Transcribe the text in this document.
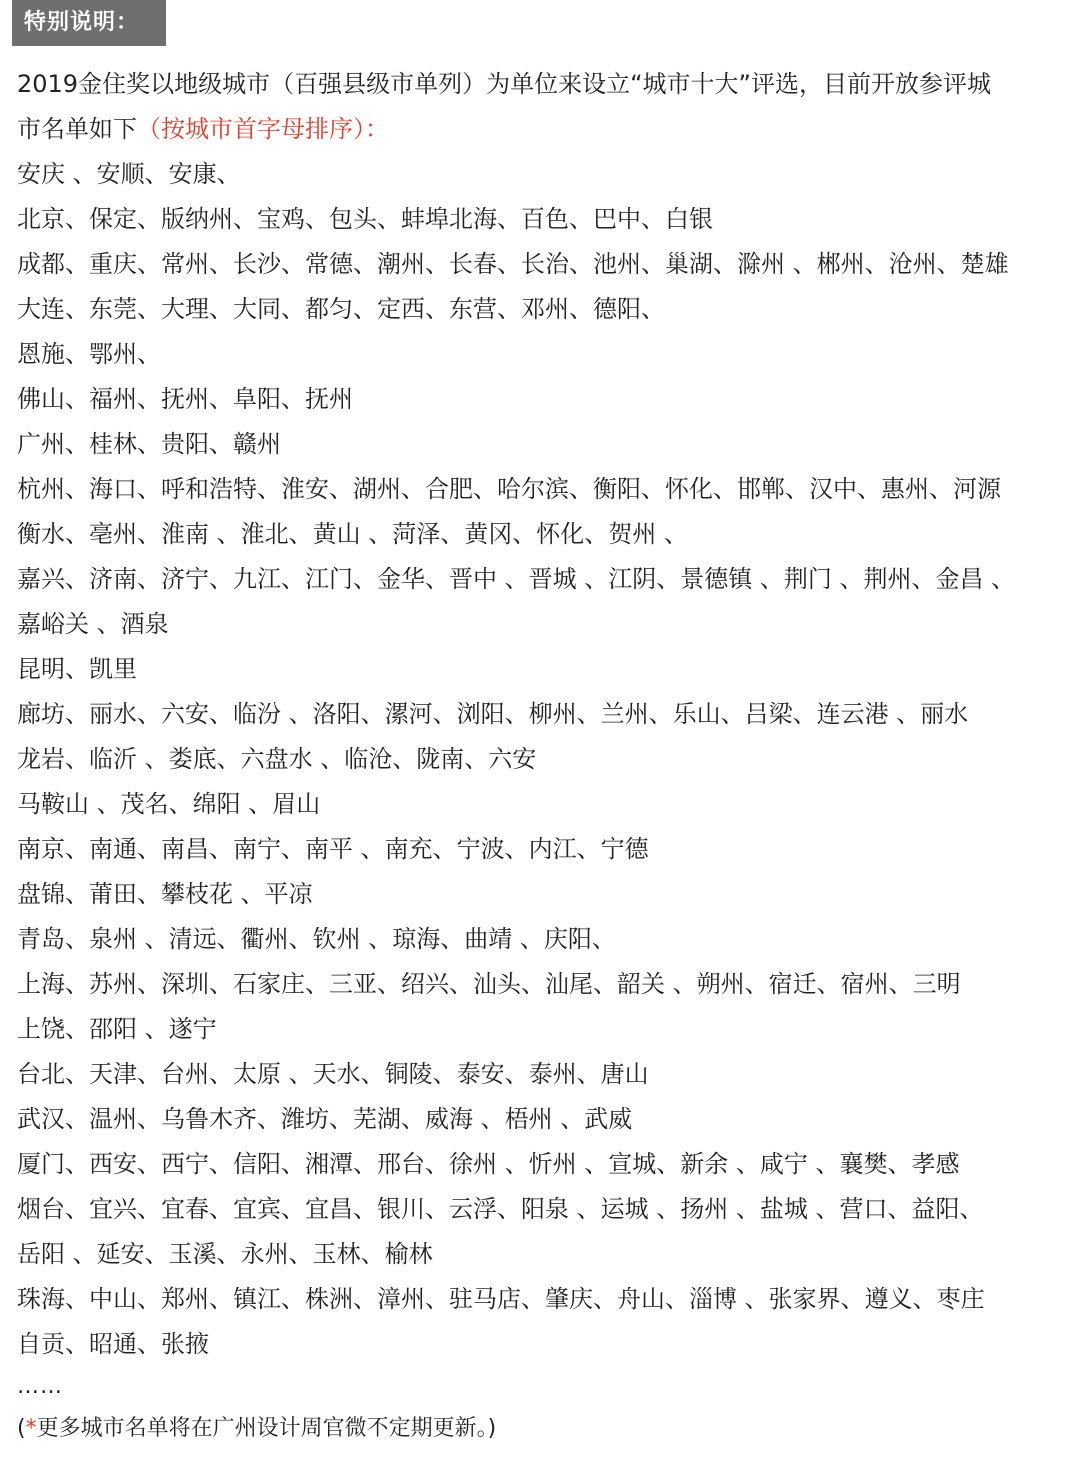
特别说明：
2019金住奖以地级城市（百强县级市单列）为单位来设立“城市十大”评选，目前开放参评城
市名单如下（按城市首字母排序）：
安庆 、安顺、安康、
北京、保定、版纳州、宝鸡、包头、蚌埠北海、百色、巴中、白银
成都、重庆、常州、长沙、常德、潮州、长春、长治、池州、巢湖、滁州 、郴州、沧州、楚雄
大连、东莞、大理、大同、都匀、定西、东营、邓州、德阳、
恩施、鄂州、
佛山、福州、抚州、阜阳、抚州
广州、桂林、贵阳、赣州
杭州、海口、呼和浩特、淮安、湖州、合肥、哈尔滨、衡阳、怀化、邯郸、汉中、惠州、河源
衡水、亳州、淮南 、淮北、黄山 、菏泽、黄冈、怀化、贺州 、
嘉兴、济南、济宁、九江、江门、金华、晋中 、晋城 、江阴、景德镇 、荆门 、荆州、金昌 、
嘉峪关 、酒泉
昆明、凯里
廊坊、丽水、六安、临汾 、洛阳、漯河、浏阳、柳州、兰州、乐山、吕梁、连云港 、丽水
龙岩、临沂 、娄底、六盘水 、临沧、陇南、六安
马鞍山 、茂名、绵阳 、眉山
南京、南通、南昌、南宁、南平 、南充、宁波、内江、宁德
盘锦、莆田、攀枝花 、平凉
青岛、泉州 、清远、衢州、钦州 、琼海、曲靖 、庆阳、
上海、苏州、深圳、石家庄、三亚、绍兴、汕头、汕尾、韶关 、朔州、宿迁、宿州、三明
上饶、邵阳 、遂宁
台北、天津、台州、太原 、天水、铜陵、泰安、泰州、唐山
武汉、温州、乌鲁木齐、潍坊、芜湖、威海 、梧州 、武威
厦门、西安、西宁、信阳、湘潭、邢台、徐州 、忻州 、宣城、新余 、咸宁 、襄樊、孝感
烟台、宜兴、宜春、宜宾、宜昌、银川、云浮、阳泉 、运城 、扬州 、盐城 、营口、益阳、
岳阳 、延安、玉溪、永州、玉林、榆林
珠海、中山、郑州、镇江、株洲、漳州、驻马店、肇庆、舟山、淄博 、张家界、遵义、枣庄
自贡、昭通、张掖
……
(*更多城市名单将在广州设计周官微不定期更新。)
